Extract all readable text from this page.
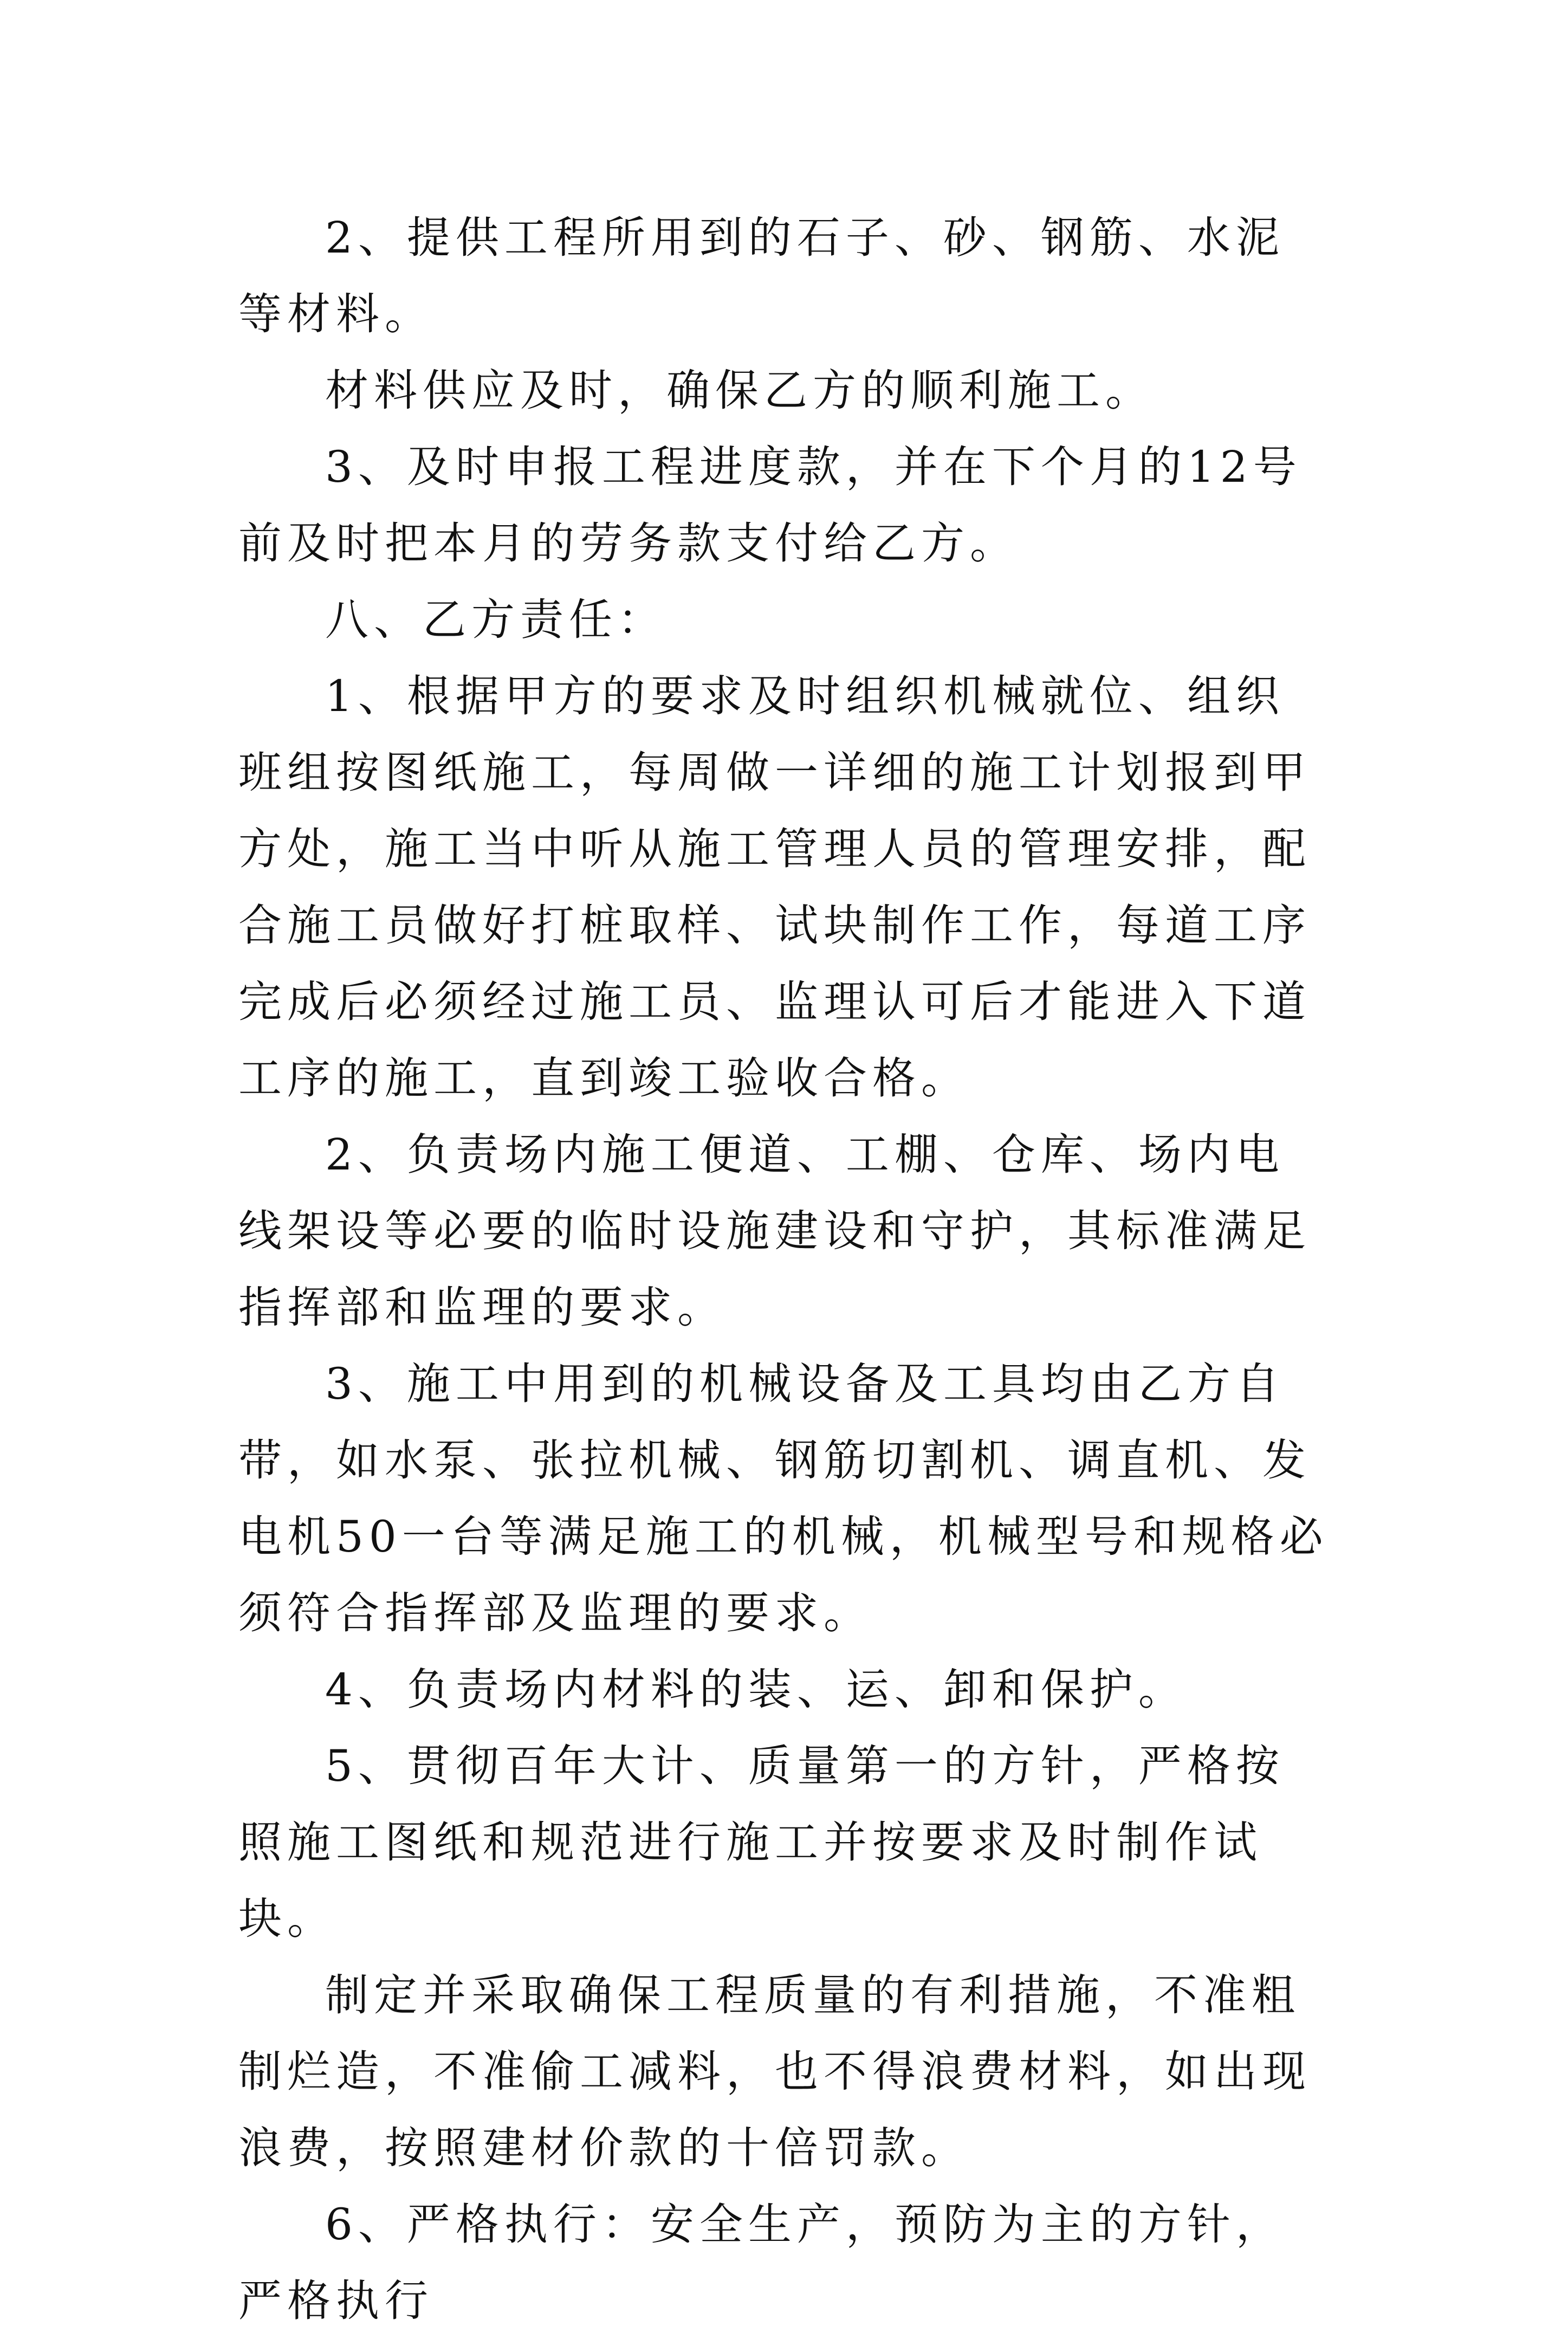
2、提供工程所用到的石子、砂、钢筋、水泥等材料。

材料供应及时，确保乙方的顺利施工。

3、及时申报工程进度款，并在下个月的12号前及时把本月的劳务款支付给乙方。

八、乙方责任：

1、根据甲方的要求及时组织机械就位、组织班组按图纸施工，每周做一详细的施工计划报到甲方处，施工当中听从施工管理人员的管理安排，配合施工员做好打桩取样、试块制作工作，每道工序完成后必须经过施工员、监理认可后才能进入下道工序的施工，直到竣工验收合格。

2、负责场内施工便道、工棚、仓库、场内电线架设等必要的临时设施建设和守护，其标准满足指挥部和监理的要求。

3、施工中用到的机械设备及工具均由乙方自带，如水泵、张拉机械、钢筋切割机、调直机、发电机50一台等满足施工的机械，机械型号和规格必须符合指挥部及监理的要求。

4、负责场内材料的装、运、卸和保护。

5、贯彻百年大计、质量第一的方针，严格按照施工图纸和规范进行施工并按要求及时制作试块。

制定并采取确保工程质量的有利措施，不准粗制烂造，不准偷工减料，也不得浪费材料，如出现浪费，按照建材价款的十倍罚款。

6、严格执行：安全生产，预防为主的方针，严格执行
